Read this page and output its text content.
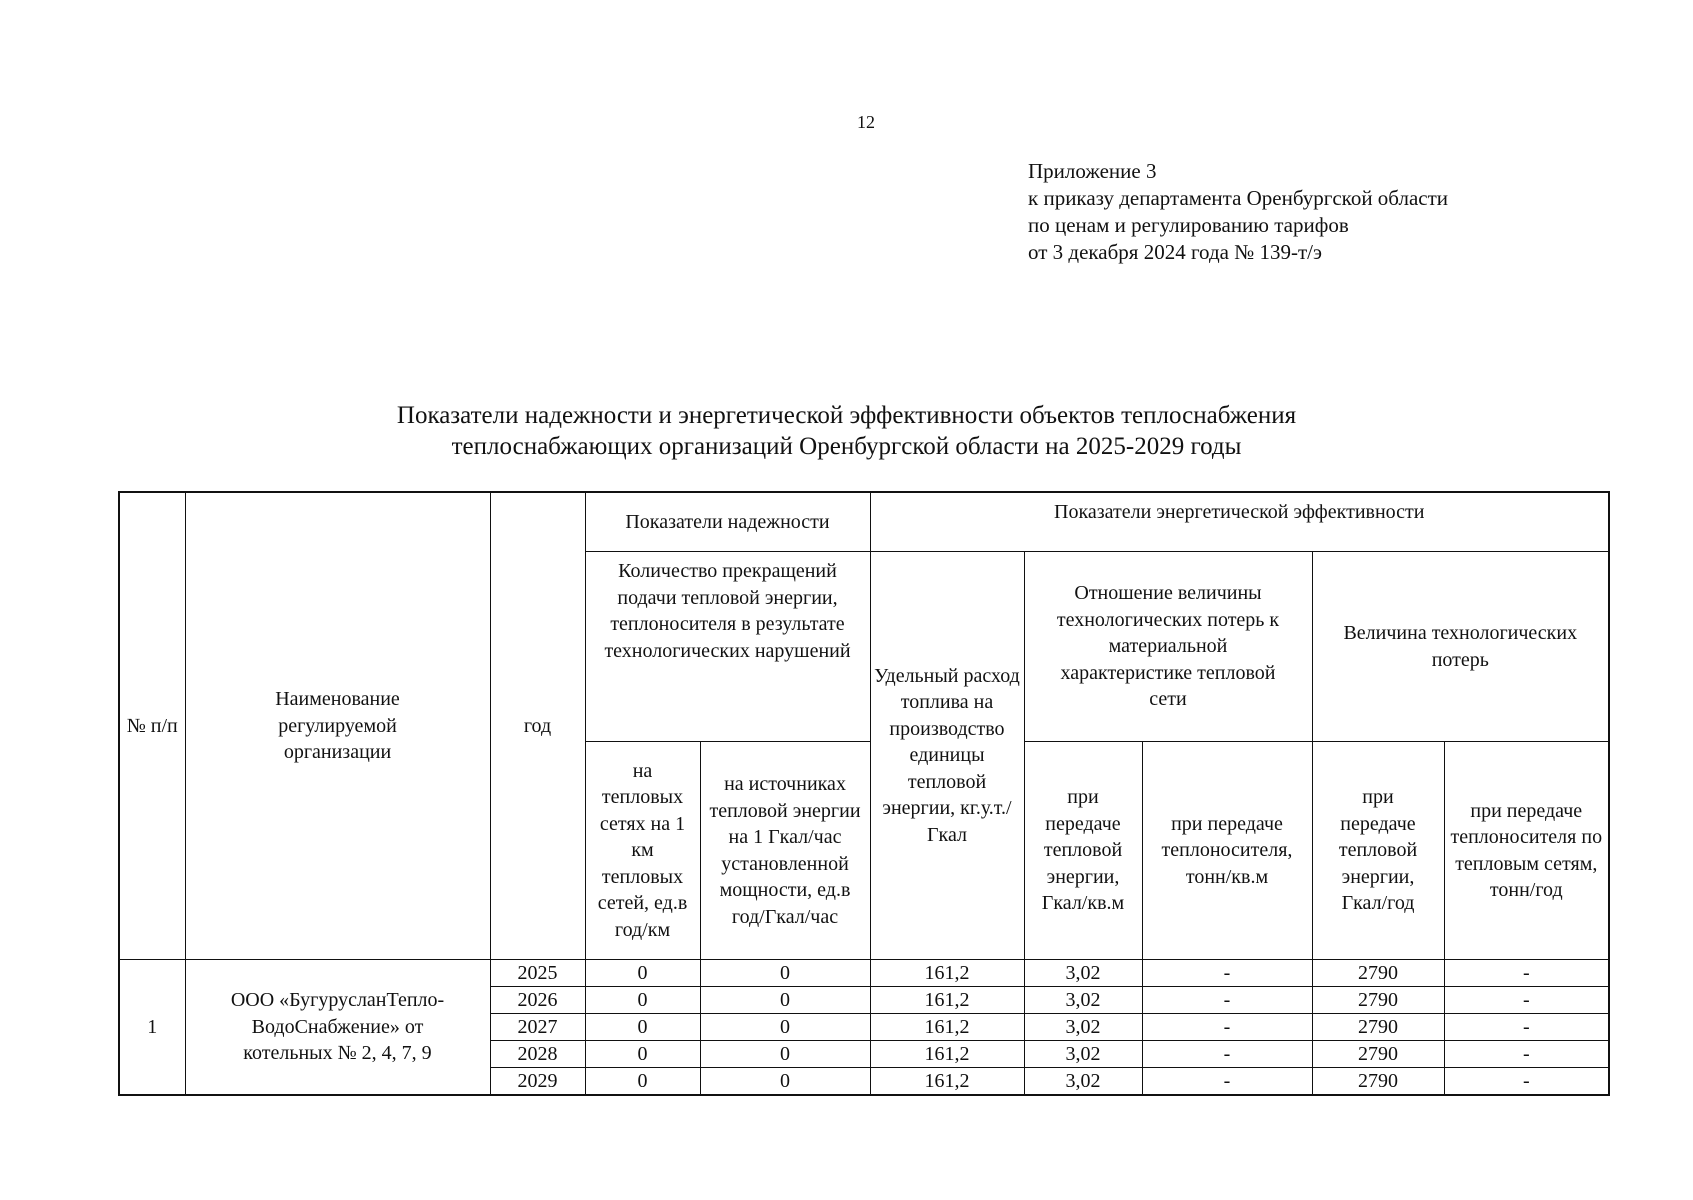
12
Приложение 3
к приказу департамента Оренбургской области
по ценам и регулированию тарифов
от 3 декабря 2024 года № 139-т/э
Показатели надежности и энергетической эффективности объектов теплоснабжения
теплоснабжающих организаций Оренбургской области на 2025-2029 годы
№ п/п	Наименование регулируемой организации	год	Показатели надежности		Показатели энергетической эффективности				
			Количество прекращений подачи тепловой энергии, теплоносителя в результате технологических нарушений		Удельный расход топлива на производство единицы тепловой энергии, кг.у.т./Гкал	Отношение величины технологических потерь к материальной характеристике тепловой сети		Величина технологических потерь	
			на тепловых сетях на 1 км тепловых сетей, ед.в год/км	на источниках тепловой энергии на 1 Гкал/час установленной мощности, ед.в год/Гкал/час		при передаче тепловой энергии, Гкал/кв.м	при передаче теплоносителя, тонн/кв.м	при передаче тепловой энергии, Гкал/год	при передаче теплоносителя по тепловым сетям, тонн/год
1	ООО «БугурусланТепло-ВодоСнабжение» от котельных № 2, 4, 7, 9	2025	0	0	161,2	3,02	-	2790	-
		2026	0	0	161,2	3,02	-	2790	-
		2027	0	0	161,2	3,02	-	2790	-
		2028	0	0	161,2	3,02	-	2790	-
		2029	0	0	161,2	3,02	-	2790	-
